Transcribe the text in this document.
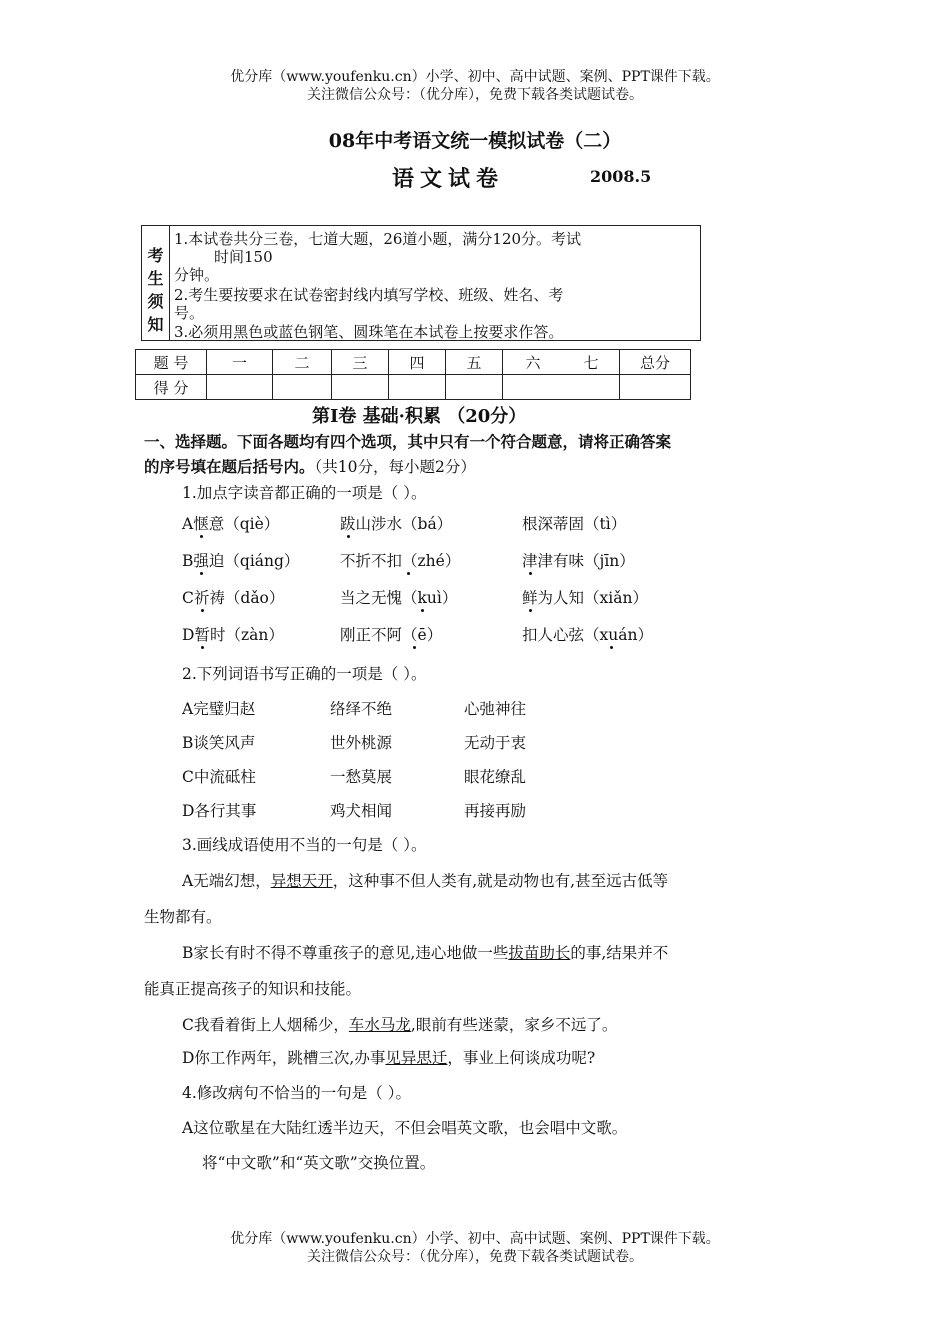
优分库（www.youfenku.cn）小学、初中、高中试题、案例、PPT课件下载。
关注微信公众号：（优分库），免费下载各类试题试卷。
08年中考语文统一模拟试卷（二）
语文试卷	2008.5
考
生
须
知
1.本试卷共分三卷，七道大题，26道小题，满分120分。考试
时间150
分钟。
2.考生要按要求在试卷密封线内填写学校、班级、姓名、考
号。
3.必须用黑色或蓝色钢笔、圆珠笔在本试卷上按要求作答。
题 号	一	二	三	四	五	六	七	总分
得 分								
第Ⅰ卷 基础·积累 （20分）
一、选择题。下面各题均有四个选项，其中只有一个符合题意，请将正确答案
的序号填在题后括号内。（共10分，每小题2分）
1.加点字读音都正确的一项是（ ）。
A惬意（qiè）	跋山涉水（bá）	根深蒂固（tì）
B强迫（qiáng）	不折不扣（zhé）	津津有味（jīn）
C祈祷（dǎo）	当之无愧（kuì）	鲜为人知（xiǎn）
D暂时（zàn）	刚正不阿（ē）	扣人心弦（xuán）
2.下列词语书写正确的一项是（ ）。
A完璧归赵	络绎不绝	心弛神往
B谈笑风声	世外桃源	无动于衷
C中流砥柱	一愁莫展	眼花缭乱
D各行其事	鸡犬相闻	再接再励
3.画线成语使用不当的一句是（ ）。
A无端幻想，异想天开，这种事不但人类有,就是动物也有,甚至远古低等
生物都有。
B家长有时不得不尊重孩子的意见,违心地做一些拔苗助长的事,结果并不
能真正提高孩子的知识和技能。
C我看着街上人烟稀少，车水马龙,眼前有些迷蒙，家乡不远了。
D你工作两年，跳槽三次,办事见异思迁，事业上何谈成功呢?
4.修改病句不恰当的一句是（ ）。
A这位歌星在大陆红透半边天，不但会唱英文歌，也会唱中文歌。
将“中文歌”和“英文歌”交换位置。
优分库（www.youfenku.cn）小学、初中、高中试题、案例、PPT课件下载。
关注微信公众号：（优分库），免费下载各类试题试卷。
